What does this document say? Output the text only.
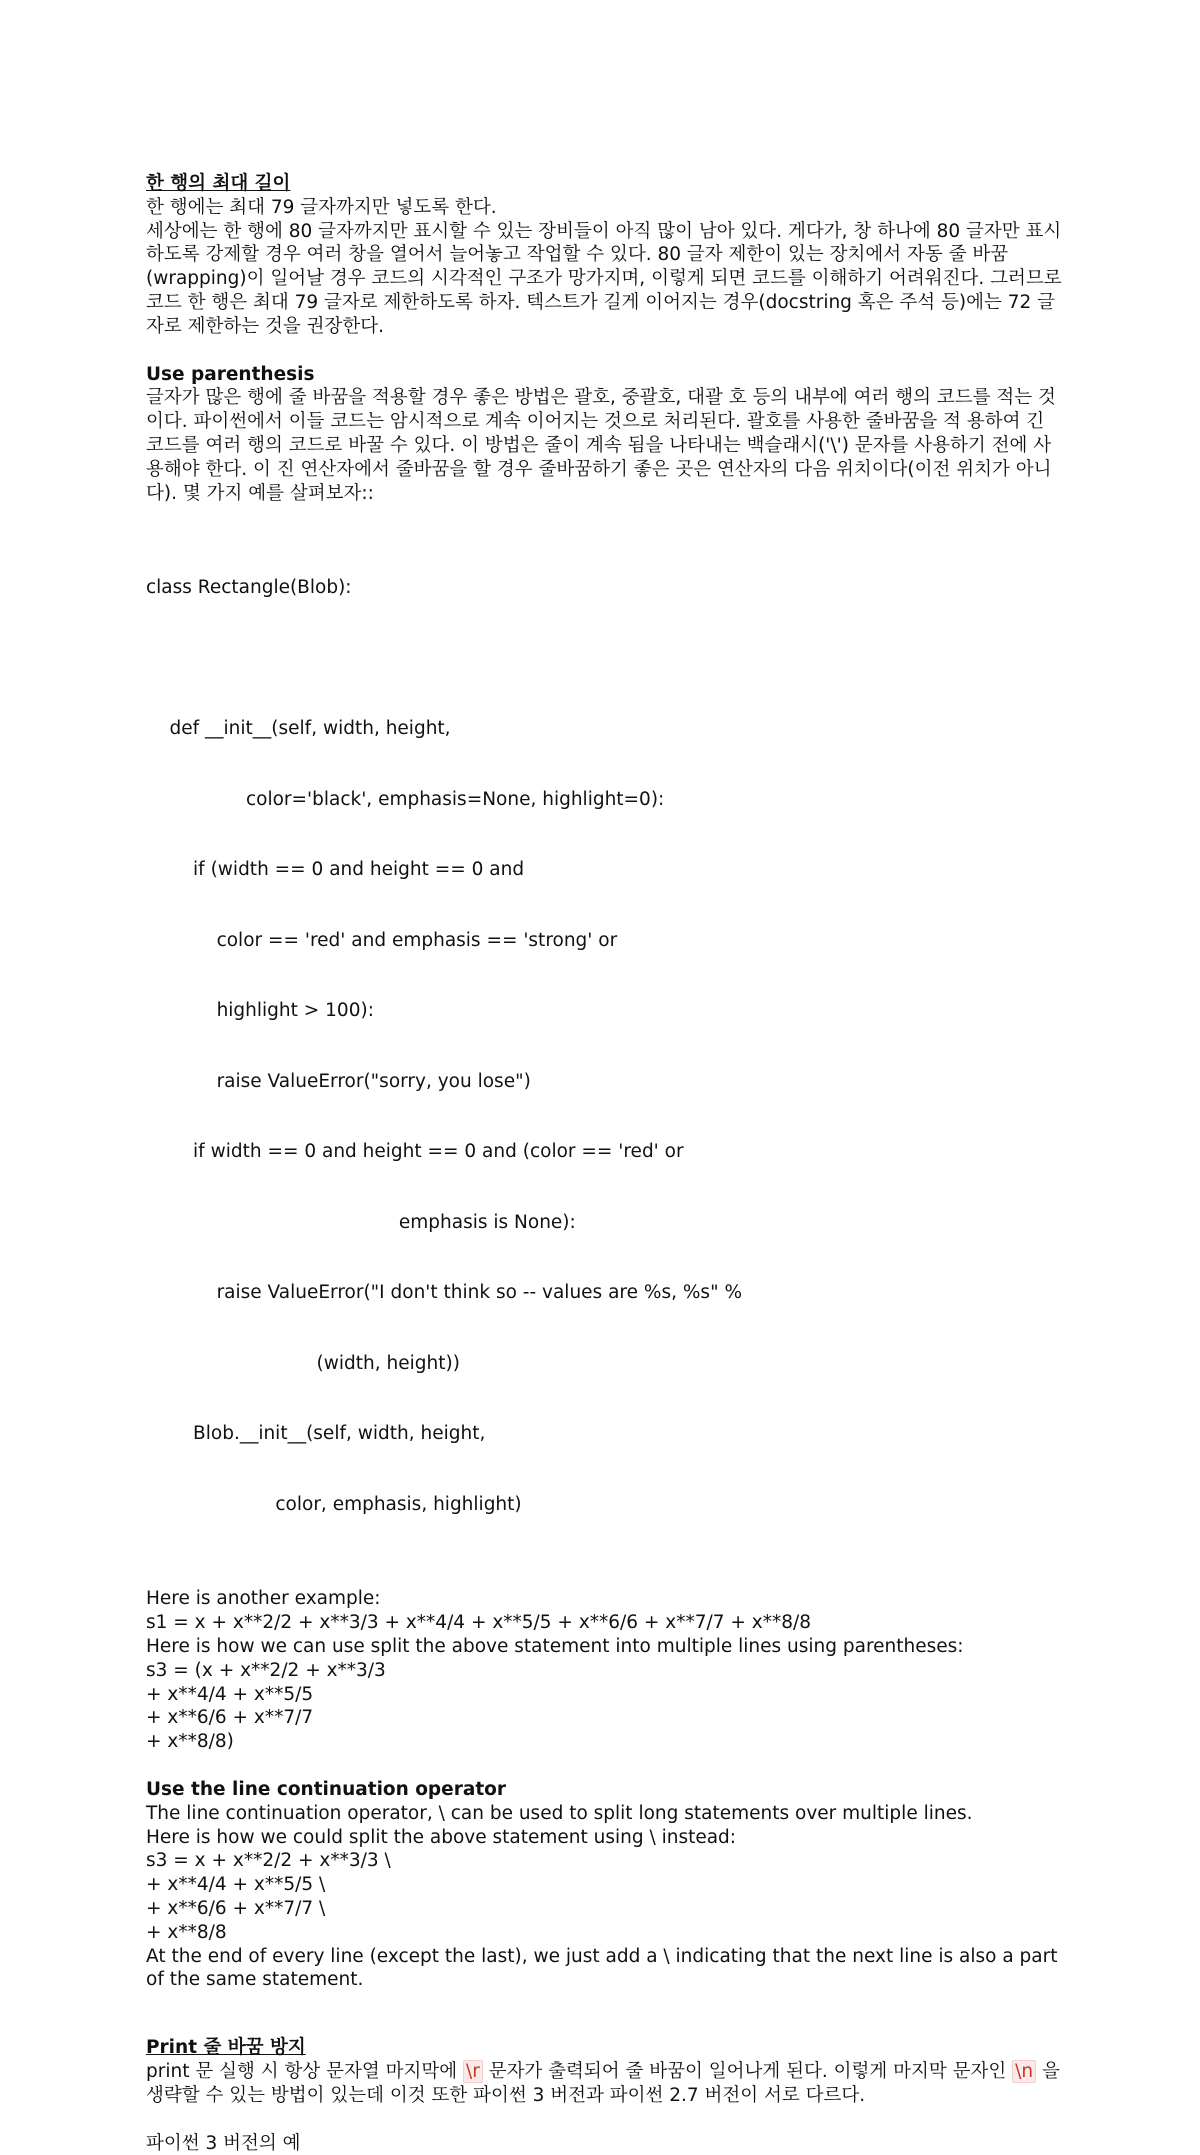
한 행의 최대 길이

한 행에는 최대 79 글자까지만 넣도록 한다.

세상에는 한 행에 80 글자까지만 표시할 수 있는 장비들이 아직 많이 남아 있다. 게다가, 창 하나에 80 글자만 표시하도록 강제할 경우 여러 창을 열어서 늘어놓고 작업할 수 있다. 80 글자 제한이 있는 장치에서 자동 줄 바꿈(wrapping)이 일어날 경우 코드의 시각적인 구조가 망가지며, 이렇게 되면 코드를 이해하기 어려워진다. 그러므로 코드 한 행은 최대 79 글자로 제한하도록 하자. 텍스트가 길게 이어지는 경우(docstring 혹은 주석 등)에는 72 글자로 제한하는 것을 권장한다.

Use parenthesis

글자가 많은 행에 줄 바꿈을 적용할 경우 좋은 방법은 괄호, 중괄호, 대괄 호 등의 내부에 여러 행의 코드를 적는 것이다. 파이썬에서 이들 코드는 암시적으로 계속 이어지는 것으로 처리된다. 괄호를 사용한 줄바꿈을 적 용하여 긴 코드를 여러 행의 코드로 바꿀 수 있다. 이 방법은 줄이 계속 됨을 나타내는 백슬래시('\') 문자를 사용하기 전에 사용해야 한다. 이 진 연산자에서 줄바꿈을 할 경우 줄바꿈하기 좋은 곳은 연산자의 다음 위치이다(이전 위치가 아니다). 몇 가지 예를 살펴보자::

class Rectangle(Blob):

def __init__(self, width, height,

color='black', emphasis=None, highlight=0):

if (width == 0 and height == 0 and

color == 'red' and emphasis == 'strong' or

highlight > 100):

raise ValueError("sorry, you lose")

if width == 0 and height == 0 and (color == 'red' or

emphasis is None):

raise ValueError("I don't think so -- values are %s, %s" %

(width, height))

Blob.__init__(self, width, height,

color, emphasis, highlight)

Here is another example:
s1 = x + x**2/2 + x**3/3 + x**4/4 + x**5/5 + x**6/6 + x**7/7 + x**8/8
Here is how we can use split the above statement into multiple lines using parentheses:
s3 = (x + x**2/2 + x**3/3
+ x**4/4 + x**5/5
+ x**6/6 + x**7/7
+ x**8/8)
Use the line continuation operator
The line continuation operator, \ can be used to split long statements over multiple lines.
Here is how we could split the above statement using \ instead:
s3 = x + x**2/2 + x**3/3 \
+ x**4/4 + x**5/5 \
+ x**6/6 + x**7/7 \
+ x**8/8
At the end of every line (except the last), we just add a \ indicating that the next line is also a part of the same statement.
Print 줄 바꿈 방지

print 문 실행 시 항상 문자열 마지막에 \r 문자가 출력되어 줄 바꿈이 일어나게 된다. 이렇게 마지막 문자인 \n 을 생략할 수 있는 방법이 있는데 이것 또한 파이썬 3 버전과 파이썬 2.7 버전이 서로 다르다.

파이썬 3 버전의 예
